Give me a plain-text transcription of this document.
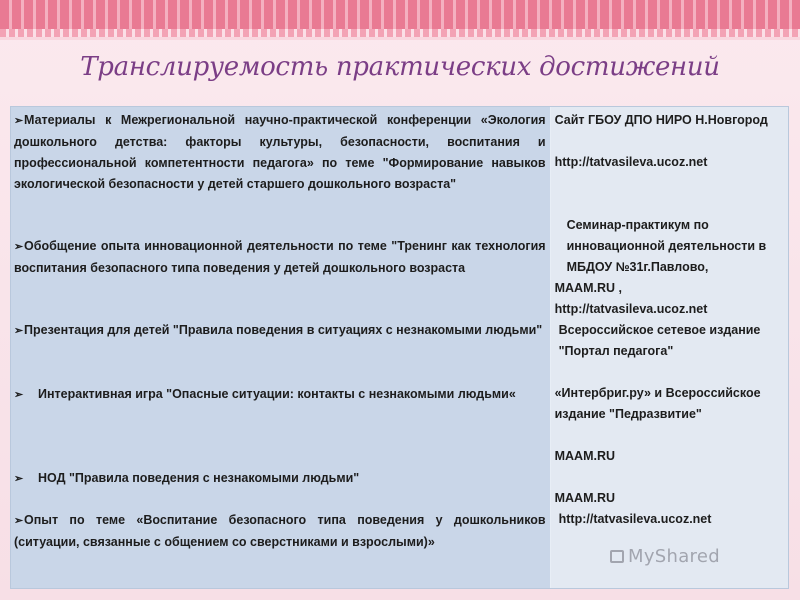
Транслируемость практических достижений
➢Материалы к Межрегиональной научно-практической конференции «Экология дошкольного детства: факторы культуры, безопасности, воспитания и профессиональной компетентности педагога» по теме "Формирование навыков экологической безопасности у детей старшего дошкольного возраста"
➢Обобщение опыта инновационной деятельности по теме "Тренинг как технология воспитания безопасного типа поведения у детей дошкольного возраста
➢Презентация для детей "Правила поведения в ситуациях с незнакомыми людьми"
➢ Интерактивная игра "Опасные ситуации: контакты с незнакомыми людьми«
➢ НОД "Правила поведения с незнакомыми людьми"
➢Опыт по теме «Воспитание безопасного типа поведения у дошкольников (ситуации, связанные с общением со сверстниками и взрослыми)»
Сайт ГБОУ ДПО НИРО Н.Новгород
http://tatvasileva.ucoz.net
Семинар-практикум по инновационной деятельности в МБДОУ №31г.Павлово,
MAAM.RU ,
http://tatvasileva.ucoz.net
Всероссийское сетевое издание "Портал педагога"
«Интербриг.ру» и Всероссийское издание "Педразвитие"
MAAM.RU
MAAM.RU
http://tatvasileva.ucoz.net
MyShared
